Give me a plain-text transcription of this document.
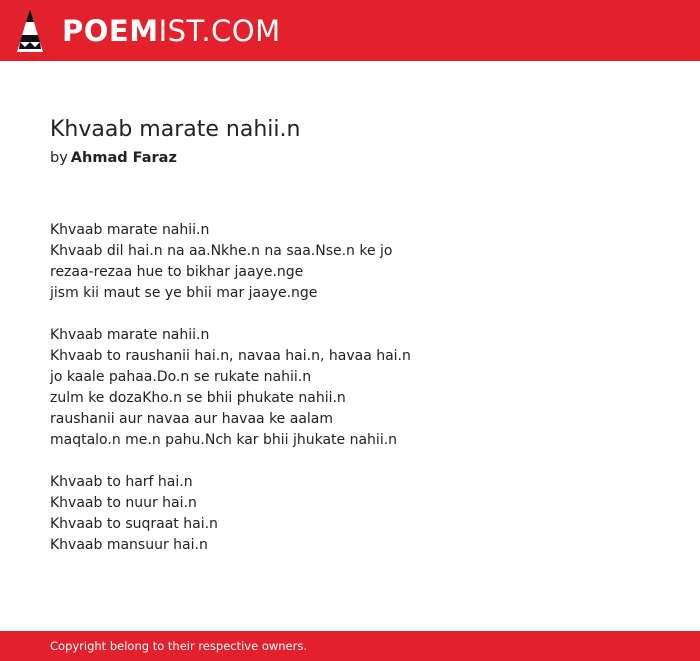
POEMIST.COM
Khvaab marate nahii.n
by Ahmad Faraz
Khvaab marate nahii.n
Khvaab dil hai.n na aa.Nkhe.n na saa.Nse.n ke jo
rezaa-rezaa hue to bikhar jaaye.nge
jism kii maut se ye bhii mar jaaye.nge
Khvaab marate nahii.n
Khvaab to raushanii hai.n, navaa hai.n, havaa hai.n
jo kaale pahaa.Do.n se rukate nahii.n
zulm ke dozaKho.n se bhii phukate nahii.n
raushanii aur navaa aur havaa ke aalam
maqtalo.n me.n pahu.Nch kar bhii jhukate nahii.n
Khvaab to harf hai.n
Khvaab to nuur hai.n
Khvaab to suqraat hai.n
Khvaab mansuur hai.n
Copyright belong to their respective owners.
